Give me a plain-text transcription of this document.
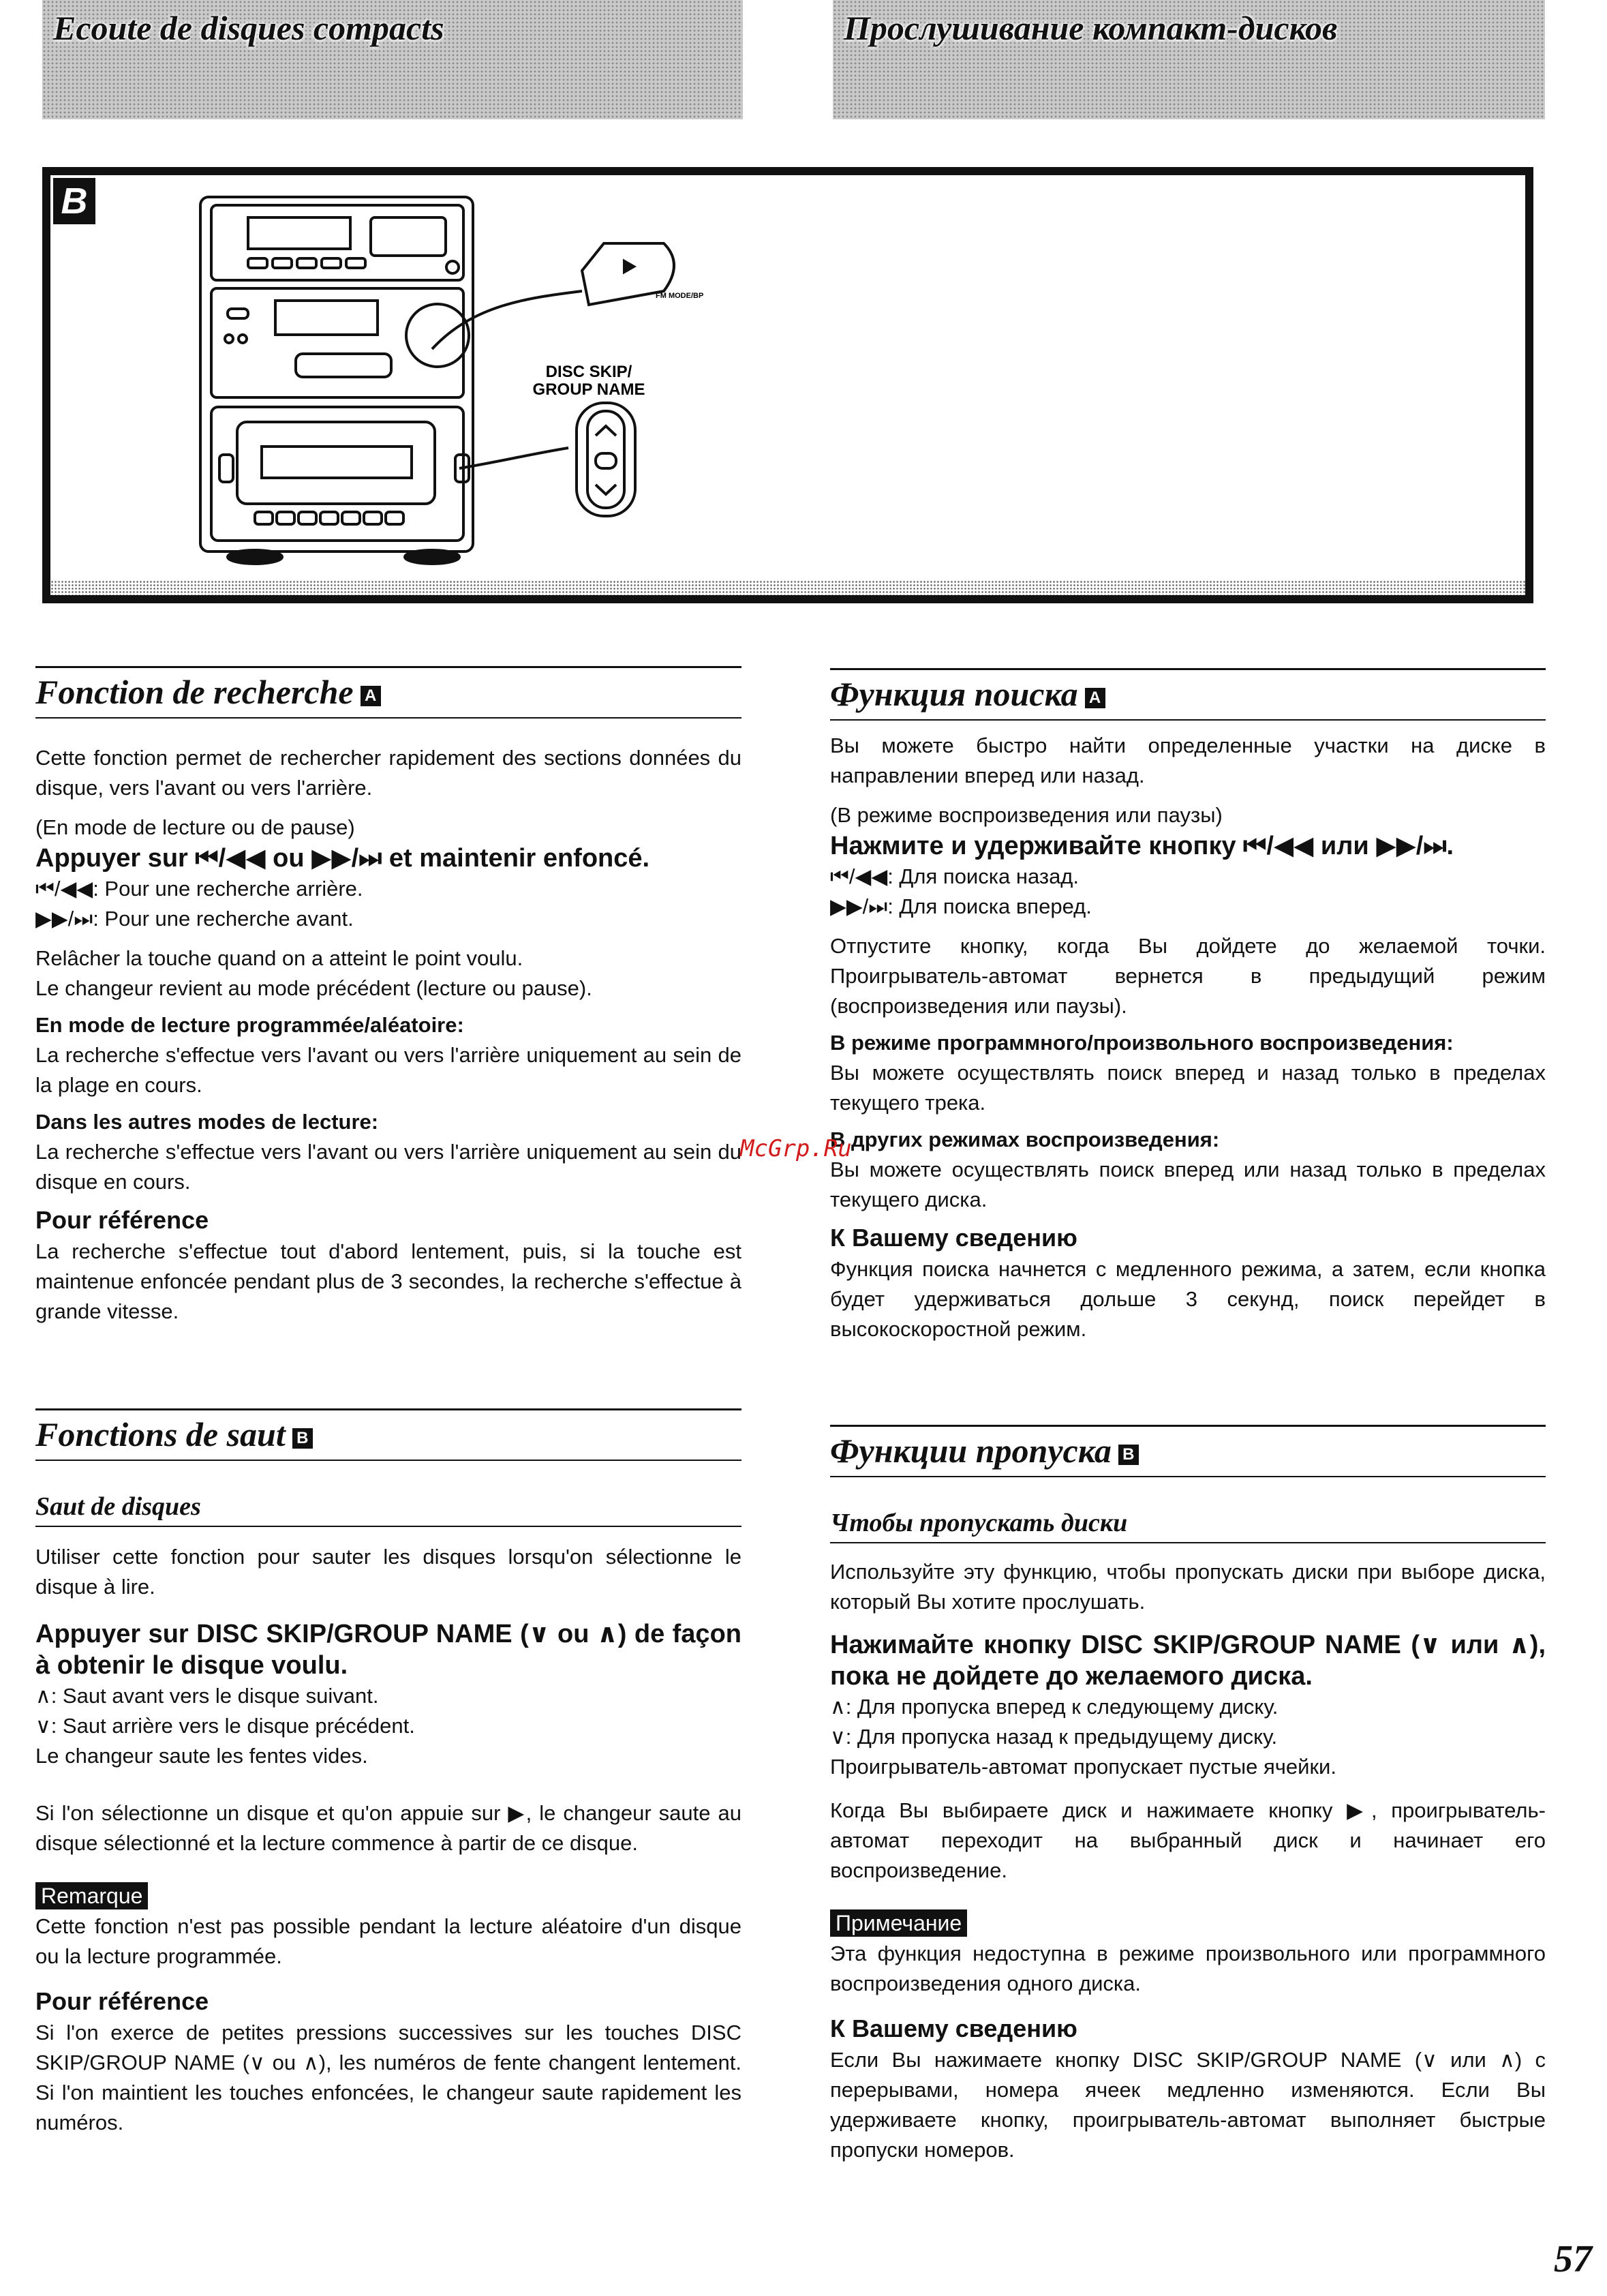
Ecoute de disques compacts	Прослушивание компакт-дисков
B
FM MODE/BP
DISC SKIP/
GROUP NAME
Fonction de recherche A

Cette fonction permet de rechercher rapidement des sections données du disque, vers l'avant ou vers l'arrière.

(En mode de lecture ou de pause)

Appuyer sur ⏮/◀◀ ou ▶▶/⏭ et maintenir enfoncé.

⏮/◀◀: Pour une recherche arrière.

▶▶/⏭: Pour une recherche avant.

Relâcher la touche quand on a atteint le point voulu.

Le changeur revient au mode précédent (lecture ou pause).

En mode de lecture programmée/aléatoire:

La recherche s'effectue vers l'avant ou vers l'arrière uniquement au sein de la plage en cours.

Dans les autres modes de lecture:

La recherche s'effectue vers l'avant ou vers l'arrière uniquement au sein du disque en cours.

Pour référence

La recherche s'effectue tout d'abord lentement, puis, si la touche est maintenue enfoncée pendant plus de 3 secondes, la recherche s'effectue à grande vitesse.

Fonctions de saut B
Saut de disques

Utiliser cette fonction pour sauter les disques lorsqu'on sélectionne le disque à lire.

Appuyer sur DISC SKIP/GROUP NAME (∨ ou ∧) de façon à obtenir le disque voulu.

∧: Saut avant vers le disque suivant.

∨: Saut arrière vers le disque précédent.

Le changeur saute les fentes vides.

Si l'on sélectionne un disque et qu'on appuie sur ▶, le changeur saute au disque sélectionné et la lecture commence à partir de ce disque.

Remarque

Cette fonction n'est pas possible pendant la lecture aléatoire d'un disque ou la lecture programmée.

Pour référence

Si l'on exerce de petites pressions successives sur les touches DISC SKIP/GROUP NAME (∨ ou ∧), les numéros de fente changent lentement. Si l'on maintient les touches enfoncées, le changeur saute rapidement les numéros.

Функция поиска A

Вы можете быстро найти определенные участки на диске в направлении вперед или назад.

(В режиме воспроизведения или паузы)

Нажмите и удерживайте кнопку ⏮/◀◀ или ▶▶/⏭.

⏮/◀◀: Для поиска назад.

▶▶/⏭: Для поиска вперед.

Отпустите кнопку, когда Вы дойдете до желаемой точки. Проигрыватель-автомат вернется в предыдущий режим (воспроизведения или паузы).

В режиме программного/произвольного воспроизведения:

Вы можете осуществлять поиск вперед и назад только в пределах текущего трека.

В других режимах воспроизведения:

Вы можете осуществлять поиск вперед или назад только в пределах текущего диска.

К Вашему сведению

Функция поиска начнется с медленного режима, а затем, если кнопка будет удерживаться дольше 3 секунд, поиск перейдет в высокоскоростной режим.

Функции пропуска B
Чтобы пропускать диски

Используйте эту функцию, чтобы пропускать диски при выборе диска, который Вы хотите прослушать.

Нажимайте кнопку DISC SKIP/GROUP NAME (∨ или ∧), пока не дойдете до желаемого диска.

∧: Для пропуска вперед к следующему диску.

∨: Для пропуска назад к предыдущему диску.

Проигрыватель-автомат пропускает пустые ячейки.

Когда Вы выбираете диск и нажимаете кнопку ▶, проигрыватель-автомат переходит на выбранный диск и начинает его воспроизведение.

Примечание

Эта функция недоступна в режиме произвольного или программного воспроизведения одного диска.

К Вашему сведению

Если Вы нажимаете кнопку DISC SKIP/GROUP NAME (∨ или ∧) с перерывами, номера ячеек медленно изменяются. Если Вы удерживаете кнопку, проигрыватель-автомат выполняет быстрые пропуски номеров.

McGrp.Ru
57
